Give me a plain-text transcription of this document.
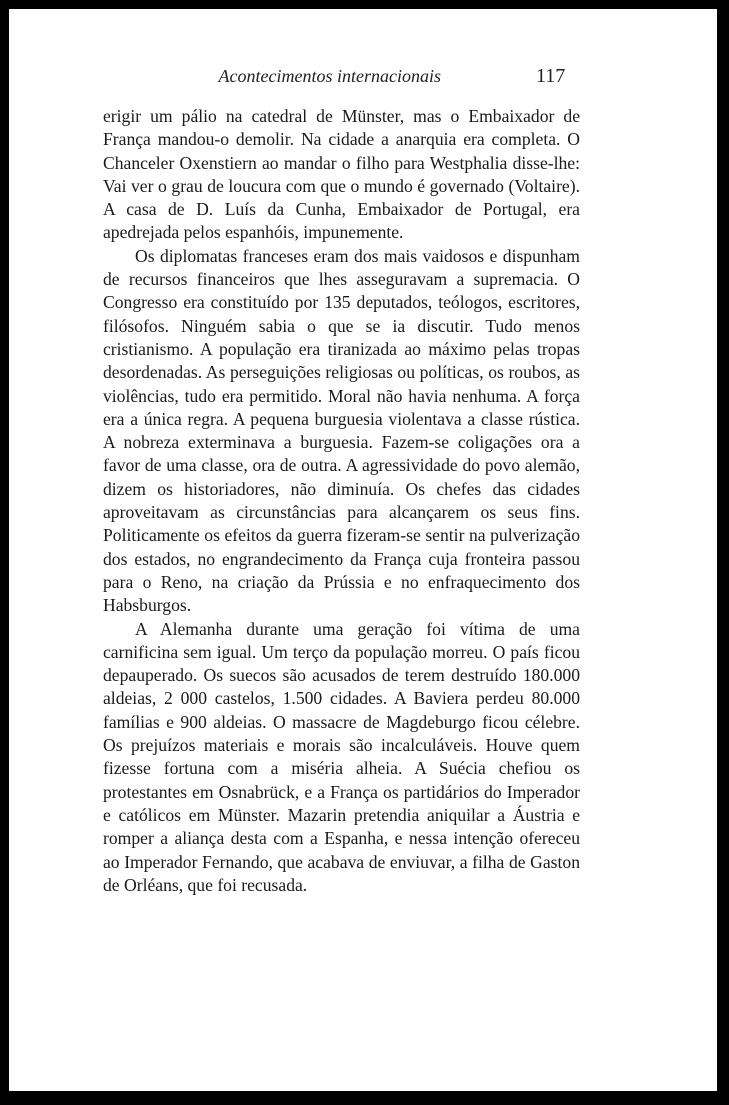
Acontecimentos internacionais	117

erigir um pálio na catedral de Münster, mas o Embaixador de França mandou-o demolir. Na cidade a anarquia era completa. O Chanceler Oxenstiern ao mandar o filho para Westphalia disse-lhe: Vai ver o grau de loucura com que o mundo é governado (Voltaire). A casa de D. Luís da Cunha, Embaixador de Portugal, era apedrejada pelos espanhóis, impunemente.

Os diplomatas franceses eram dos mais vaidosos e dispunham de recursos financeiros que lhes asseguravam a supremacia. O Congresso era constituído por 135 deputados, teólogos, escritores, filósofos. Ninguém sabia o que se ia discutir. Tudo menos cristianismo. A população era tiranizada ao máximo pelas tropas desordenadas. As perseguições religiosas ou políticas, os roubos, as violências, tudo era permitido. Moral não havia nenhuma. A força era a única regra. A pequena burguesia violentava a classe rústica. A nobreza exterminava a burguesia. Fazem-se coligações ora a favor de uma classe, ora de outra. A agressividade do povo alemão, dizem os historiadores, não diminuía. Os chefes das cidades aproveitavam as circunstâncias para alcançarem os seus fins. Politicamente os efeitos da guerra fizeram-se sentir na pulverização dos estados, no engrandecimento da França cuja fronteira passou para o Reno, na criação da Prússia e no enfraquecimento dos Habsburgos.

A Alemanha durante uma geração foi vítima de uma carnificina sem igual. Um terço da população morreu. O país ficou depauperado. Os suecos são acusados de terem destruído 180.000 aldeias, 2 000 castelos, 1.500 cidades. A Baviera perdeu 80.000 famílias e 900 aldeias. O massacre de Magdeburgo ficou célebre. Os prejuízos materiais e morais são incalculáveis. Houve quem fizesse fortuna com a miséria alheia. A Suécia chefiou os protestantes em Osnabrück, e a França os partidários do Imperador e católicos em Münster. Mazarin pretendia aniquilar a Áustria e romper a aliança desta com a Espanha, e nessa intenção ofereceu ao Imperador Fernando, que acabava de enviuvar, a filha de Gaston de Orléans, que foi recusada.
